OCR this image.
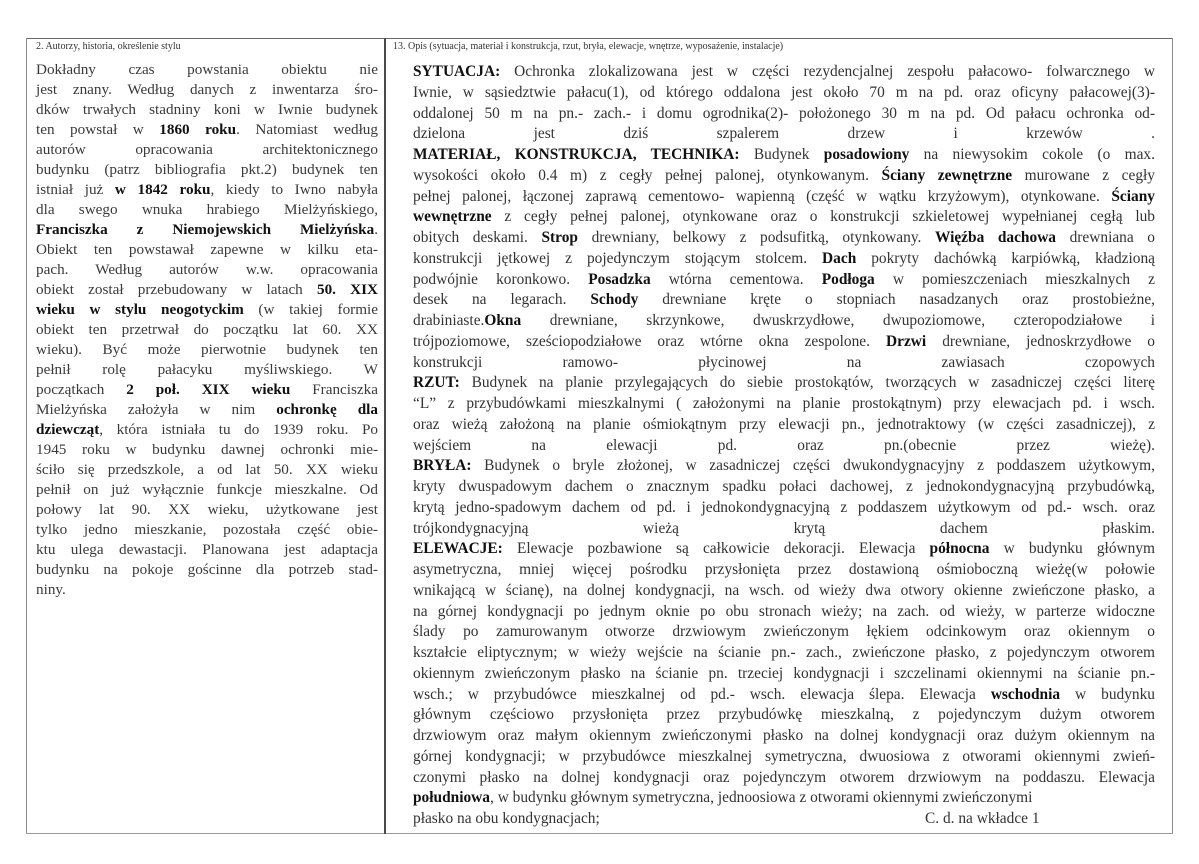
2. Autorzy, historia, określenie stylu	13. Opis (sytuacja, materiał i konstrukcja, rzut, bryła, elewacje, wnętrze, wyposażenie, instalacje)
Dokładny czas powstania obiektu nie
jest znany. Według danych z inwentarza śro-
dków trwałych stadniny koni w Iwnie budynek
ten powstał w 1860 roku. Natomiast według
autorów opracowania architektonicznego
budynku (patrz bibliografia pkt.2) budynek ten
istniał już w 1842 roku, kiedy to Iwno nabyła
dla swego wnuka hrabiego Mielżyńskiego,
Franciszka z Niemojewskich Mielżyńska.
Obiekt ten powstawał zapewne w kilku eta-
pach. Według autorów w.w. opracowania
obiekt został przebudowany w latach 50. XIX
wieku w stylu neogotyckim (w takiej formie
obiekt ten przetrwał do początku lat 60. XX
wieku). Być może pierwotnie budynek ten
pełnił rolę pałacyku myśliwskiego. W
początkach 2 poł. XIX wieku Franciszka
Mielżyńska założyła w nim ochronkę dla
dziewcząt, która istniała tu do 1939 roku. Po
1945 roku w budynku dawnej ochronki mie-
ściło się przedszkole, a od lat 50. XX wieku
pełnił on już wyłącznie funkcje mieszkalne. Od
połowy lat 90. XX wieku, użytkowane jest
tylko jedno mieszkanie, pozostała część obie-
ktu ulega dewastacji. Planowana jest adaptacja
budynku na pokoje gościnne dla potrzeb stad-
niny.
SYTUACJA: Ochronka zlokalizowana jest w części rezydencjalnej zespołu pałacowo- folwarcznego w
Iwnie, w sąsiedztwie pałacu(1), od którego oddalona jest około 70 m na pd. oraz oficyny pałacowej(3)-
oddalonej 50 m na pn.- zach.- i domu ogrodnika(2)- położonego 30 m na pd. Od pałacu ochronka od-
dzielona jest dziś szpalerem drzew i krzewów .
MATERIAŁ, KONSTRUKCJA, TECHNIKA: Budynek posadowiony na niewysokim cokole (o max.
wysokości około 0.4 m) z cegły pełnej palonej, otynkowanym. Ściany zewnętrzne murowane z cegły
pełnej palonej, łączonej zaprawą cementowo- wapienną (część w wątku krzyżowym), otynkowane. Ściany
wewnętrzne z cegły pełnej palonej, otynkowane oraz o konstrukcji szkieletowej wypełnianej cegłą lub
obitych deskami. Strop drewniany, belkowy z podsufitką, otynkowany. Więźba dachowa drewniana o
konstrukcji jętkowej z pojedynczym stojącym stolcem. Dach pokryty dachówką karpiówką, kładzioną
podwójnie koronkowo. Posadzka wtórna cementowa. Podłoga w pomieszczeniach mieszkalnych z
desek na legarach. Schody drewniane kręte o stopniach nasadzanych oraz prostobieżne,
drabiniaste.Okna drewniane, skrzynkowe, dwuskrzydłowe, dwupoziomowe, czteropodziałowe i
trójpoziomowe, sześciopodziałowe oraz wtórne okna zespolone. Drzwi drewniane, jednoskrzydłowe o
konstrukcji ramowo- płycinowej na zawiasach czopowych
RZUT: Budynek na planie przylegających do siebie prostokątów, tworzących w zasadniczej części literę
“L” z przybudówkami mieszkalnymi ( założonymi na planie prostokątnym) przy elewacjach pd. i wsch.
oraz wieżą założoną na planie ośmiokątnym przy elewacji pn., jednotraktowy (w części zasadniczej), z
wejściem na elewacji pd. oraz pn.(obecnie przez wieżę).
BRYŁA: Budynek o bryle złożonej, w zasadniczej części dwukondygnacyjny z poddaszem użytkowym,
kryty dwuspadowym dachem o znacznym spadku połaci dachowej, z jednokondygnacyjną przybudówką,
krytą jedno-spadowym dachem od pd. i jednokondygnacyjną z poddaszem użytkowym od pd.- wsch. oraz
trójkondygnacyjną wieżą krytą dachem płaskim.
ELEWACJE: Elewacje pozbawione są całkowicie dekoracji. Elewacja północna w budynku głównym
asymetryczna, mniej więcej pośrodku przysłonięta przez dostawioną ośmioboczną wieżę(w połowie
wnikającą w ścianę), na dolnej kondygnacji, na wsch. od wieży dwa otwory okienne zwieńczone płasko, a
na górnej kondygnacji po jednym oknie po obu stronach wieży; na zach. od wieży, w parterze widoczne
ślady po zamurowanym otworze drzwiowym zwieńczonym łękiem odcinkowym oraz okiennym o
kształcie eliptycznym; w wieży wejście na ścianie pn.- zach., zwieńczone płasko, z pojedynczym otworem
okiennym zwieńczonym płasko na ścianie pn. trzeciej kondygnacji i szczelinami okiennymi na ścianie pn.-
wsch.; w przybudówce mieszkalnej od pd.- wsch. elewacja ślepa. Elewacja wschodnia w budynku
głównym częściowo przysłonięta przez przybudówkę mieszkalną, z pojedynczym dużym otworem
drzwiowym oraz małym okiennym zwieńczonymi płasko na dolnej kondygnacji oraz dużym okiennym na
górnej kondygnacji; w przybudówce mieszkalnej symetryczna, dwuosiowa z otworami okiennymi zwień-
czonymi płasko na dolnej kondygnacji oraz pojedynczym otworem drzwiowym na poddaszu. Elewacja
południowa, w budynku głównym symetryczna, jednoosiowa z otworami okiennymi zwieńczonymi
płasko na obu kondygnacjach;	C. d. na wkładce 1
